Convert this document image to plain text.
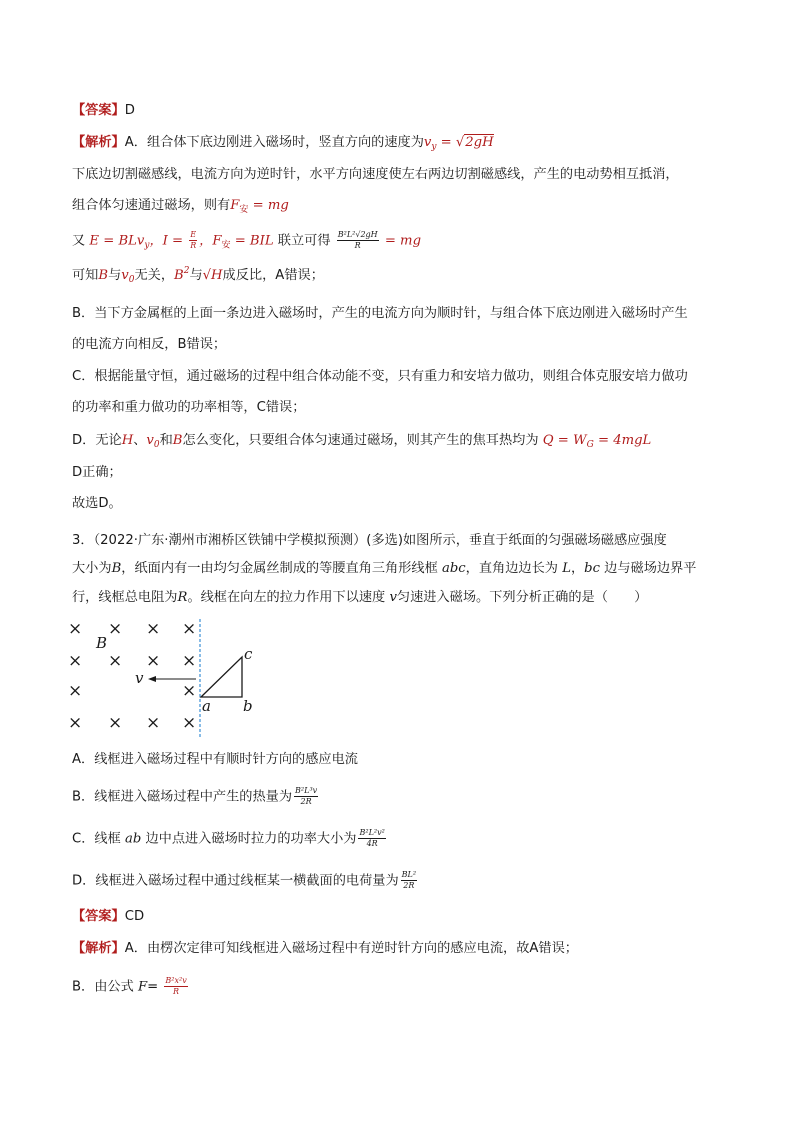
【答案】D
【解析】A．组合体下底边刚进入磁场时，竖直方向的速度为$v_y = √2gH$
下底边切割磁感线，电流方向为逆时针，水平方向速度使左右两边切割磁感线，产生的电动势相互抵消，
组合体匀速通过磁场，则有$F_安$ = mg
又 E = BLv$_y$，$I = \frac{E}{R}$ ，$F_安$ = BIL 联立可得 $\frac{\text{B²L²√2gH}}{R}$ = mg
可知B与$v_0$无关，$B^2$与√H成反比，A错误；
B．当下方金属框的上面一条边进入磁场时，产生的电流方向为顺时针，与组合体下底边刚进入磁场时产生
的电流方向相反，B错误；
C．根据能量守恒，通过磁场的过程中组合体动能不变，只有重力和安培力做功，则组合体克服安培力做功
的功率和重力做功的功率相等，C错误；
D．无论H、$v_0$和B怎么变化，只要组合体匀速通过磁场，则其产生的焦耳热均为 $Q = W_G = 4mgL$
D正确；
故选D。
3．（2022·广东·潮州市湘桥区铁铺中学模拟预测）(多选)如图所示，垂直于纸面的匀强磁场磁感应强度
大小为B，纸面内有一由均匀金属丝制成的等腰直角三角形线框 abc，直角边边长为 L，bc 边与磁场边界平
行，线框总电阻为R。线框在向左的拉力作用下以速度 v匀速进入磁场。下列分析正确的是（　　）
× × × ×
× × × ×
×	×
× × × ×
B
v
a b
c
A．线框进入磁场过程中有顺时针方向的感应电流
B．线框进入磁场过程中产生的热量为 $\frac{\text{B²L³v}}{2R}$
C．线框 ab 边中点进入磁场时拉力的功率大小为 $\frac{\text{B²L²v²}}{4R}$
D．线框进入磁场过程中通过线框某一横截面的电荷量为 $\frac{\text{BL²}}{2R}$
【答案】CD
【解析】A．由楞次定律可知线框进入磁场过程中有逆时针方向的感应电流，故A错误；
B．由公式 $F= \frac{\text{B²x²v}}{R}$
